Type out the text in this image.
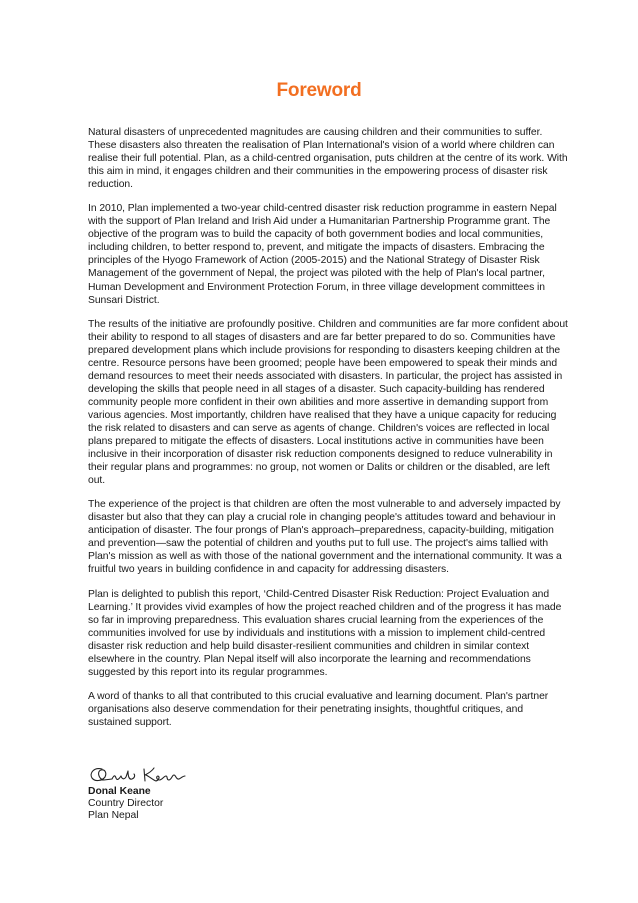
Foreword

Natural disasters of unprecedented magnitudes are causing children and their communities to suffer. These disasters also threaten the realisation of Plan International's vision of a world where children can realise their full potential. Plan, as a child-centred organisation, puts children at the centre of its work. With this aim in mind, it engages children and their communities in the empowering process of disaster risk reduction.

In 2010, Plan implemented a two-year child-centred disaster risk reduction programme in eastern Nepal with the support of Plan Ireland and Irish Aid under a Humanitarian Partnership Programme grant. The objective of the program was to build the capacity of both government bodies and local communities, including children, to better respond to, prevent, and mitigate the impacts of disasters. Embracing the principles of the Hyogo Framework of Action (2005-2015) and the National Strategy of Disaster Risk Management of the government of Nepal, the project was piloted with the help of Plan's local partner, Human Development and Environment Protection Forum, in three village development committees in Sunsari District.

The results of the initiative are profoundly positive. Children and communities are far more confident about their ability to respond to all stages of disasters and are far better prepared to do so. Communities have prepared development plans which include provisions for responding to disasters keeping children at the centre. Resource persons have been groomed; people have been empowered to speak their minds and demand resources to meet their needs associated with disasters. In particular, the project has assisted in developing the skills that people need in all stages of a disaster. Such capacity-building has rendered community people more confident in their own abilities and more assertive in demanding support from various agencies. Most importantly, children have realised that they have a unique capacity for reducing the risk related to disasters and can serve as agents of change. Children's voices are reflected in local plans prepared to mitigate the effects of disasters. Local institutions active in communities have been inclusive in their incorporation of disaster risk reduction components designed to reduce vulnerability in their regular plans and programmes: no group, not women or Dalits or children or the disabled, are left out.

The experience of the project is that children are often the most vulnerable to and adversely impacted by disaster but also that they can play a crucial role in changing people's attitudes toward and behaviour in anticipation of disaster. The four prongs of Plan's approach–preparedness, capacity-building, mitigation and prevention—saw the potential of children and youths put to full use. The project's aims tallied with Plan's mission as well as with those of the national government and the international community. It was a fruitful two years in building confidence in and capacity for addressing disasters.

Plan is delighted to publish this report, ‘Child-Centred Disaster Risk Reduction: Project Evaluation and Learning.’ It provides vivid examples of how the project reached children and of the progress it has made so far in improving preparedness. This evaluation shares crucial learning from the experiences of the communities involved for use by individuals and institutions with a mission to implement child-centred disaster risk reduction and help build disaster-resilient communities and children in similar context elsewhere in the country. Plan Nepal itself will also incorporate the learning and recommendations suggested by this report into its regular programmes.

A word of thanks to all that contributed to this crucial evaluative and learning document. Plan's partner organisations also deserve commendation for their penetrating insights, thoughtful critiques, and sustained support.

Donal Keane
Country Director
Plan Nepal
